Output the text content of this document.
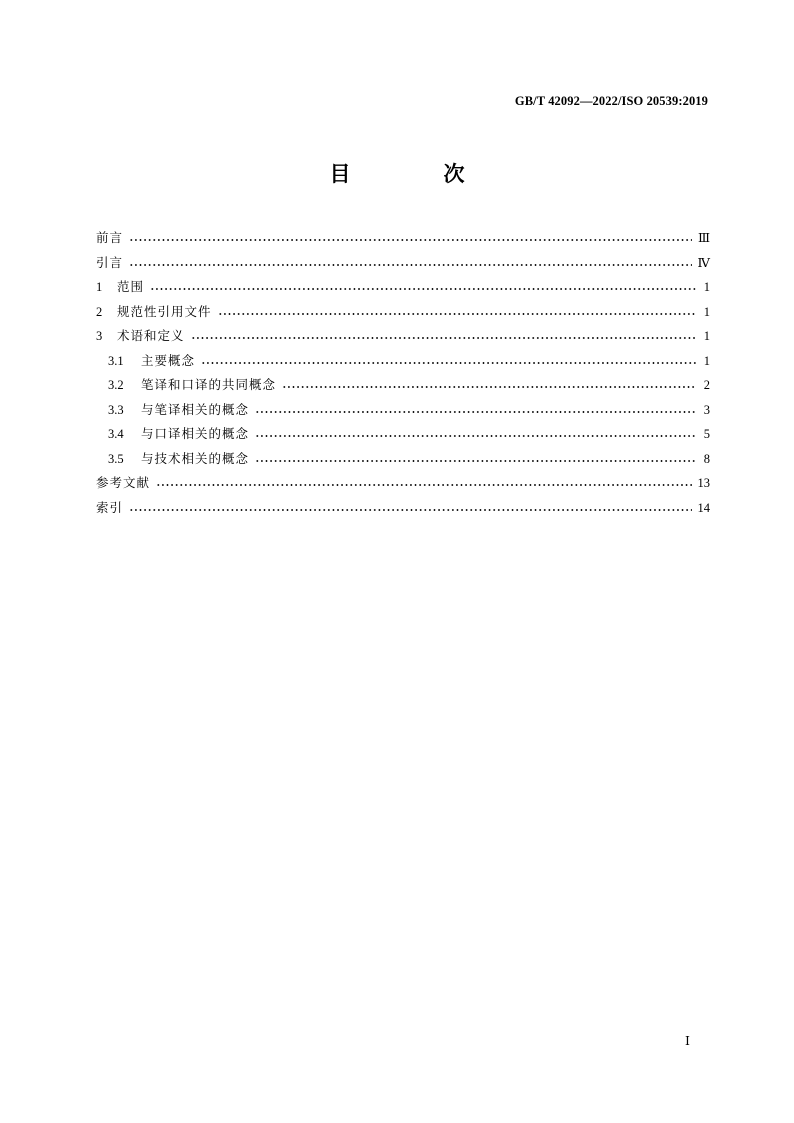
GB/T 42092—2022/ISO 20539:2019
目　次
前言	Ⅲ
引言	Ⅳ
1	范围	1
2	规范性引用文件	1
3	术语和定义	1
3.1	主要概念	1
3.2	笔译和口译的共同概念	2
3.3	与笔译相关的概念	3
3.4	与口译相关的概念	5
3.5	与技术相关的概念	8
参考文献	13
索引	14
Ⅰ
